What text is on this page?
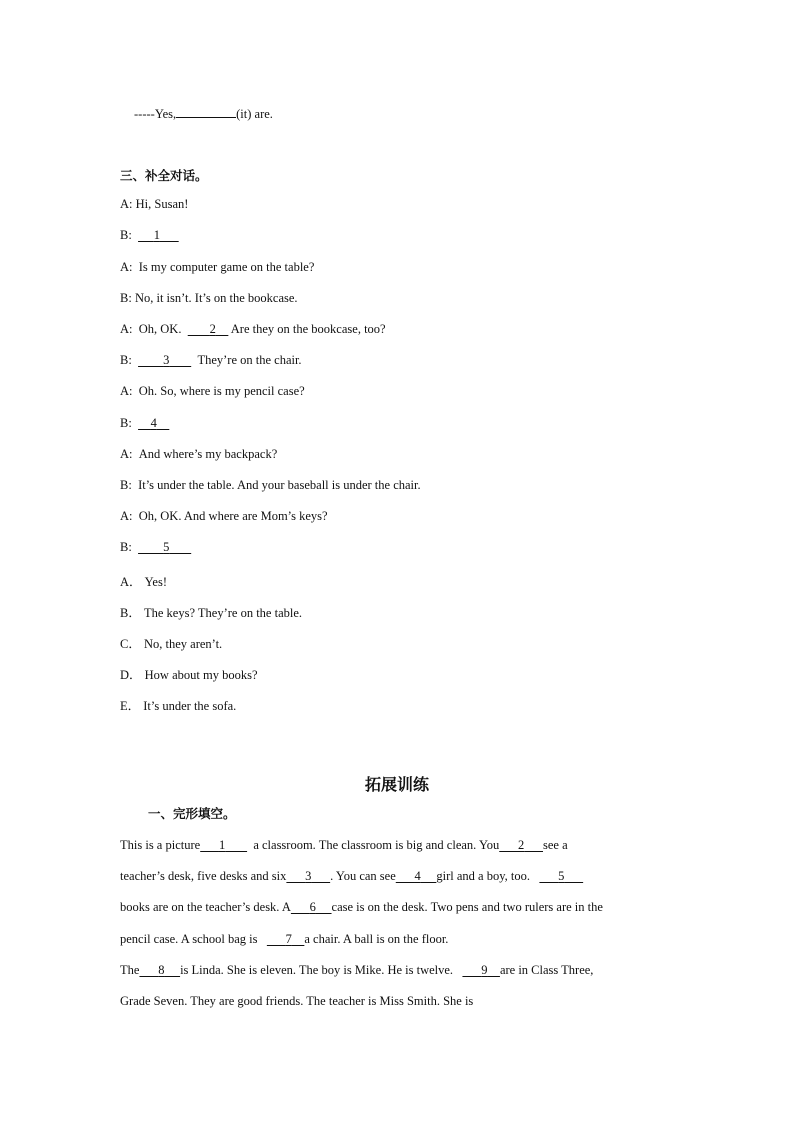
-----Yes,	(it) are.
三、补全对话。
A: Hi, Susan!
B: 1
A: Is my computer game on the table?
B: No, it isn’t. It’s on the bookcase.
A: Oh, OK. 2 Are they on the bookcase, too?
B:	3 They’re on the chair.
A: Oh. So, where is my pencil case?
B: 4
A: And where’s my backpack?
B: It’s under the table. And your baseball is under the chair.
A: Oh, OK. And where are Mom’s keys?
B:	5
A． Yes!
B． The keys? They’re on the table.
C． No, they aren’t.
D． How about my books?
E． It’s under the sofa.
拓展训练
一、完形填空。
This is a picture 1 a classroom. The classroom is big and clean. You 2 see a
teacher’s desk, five desks and six 3 . You can see 4 girl and a boy, too. 5
books are on the teacher’s desk. A 6 case is on the desk. Two pens and two rulers are in the
pencil case. A school bag is 7 a chair. A ball is on the floor.
The 8 is Linda. She is eleven. The boy is Mike. He is twelve. 9 are in Class Three,
Grade Seven. They are good friends. The teacher is Miss Smith. She is
